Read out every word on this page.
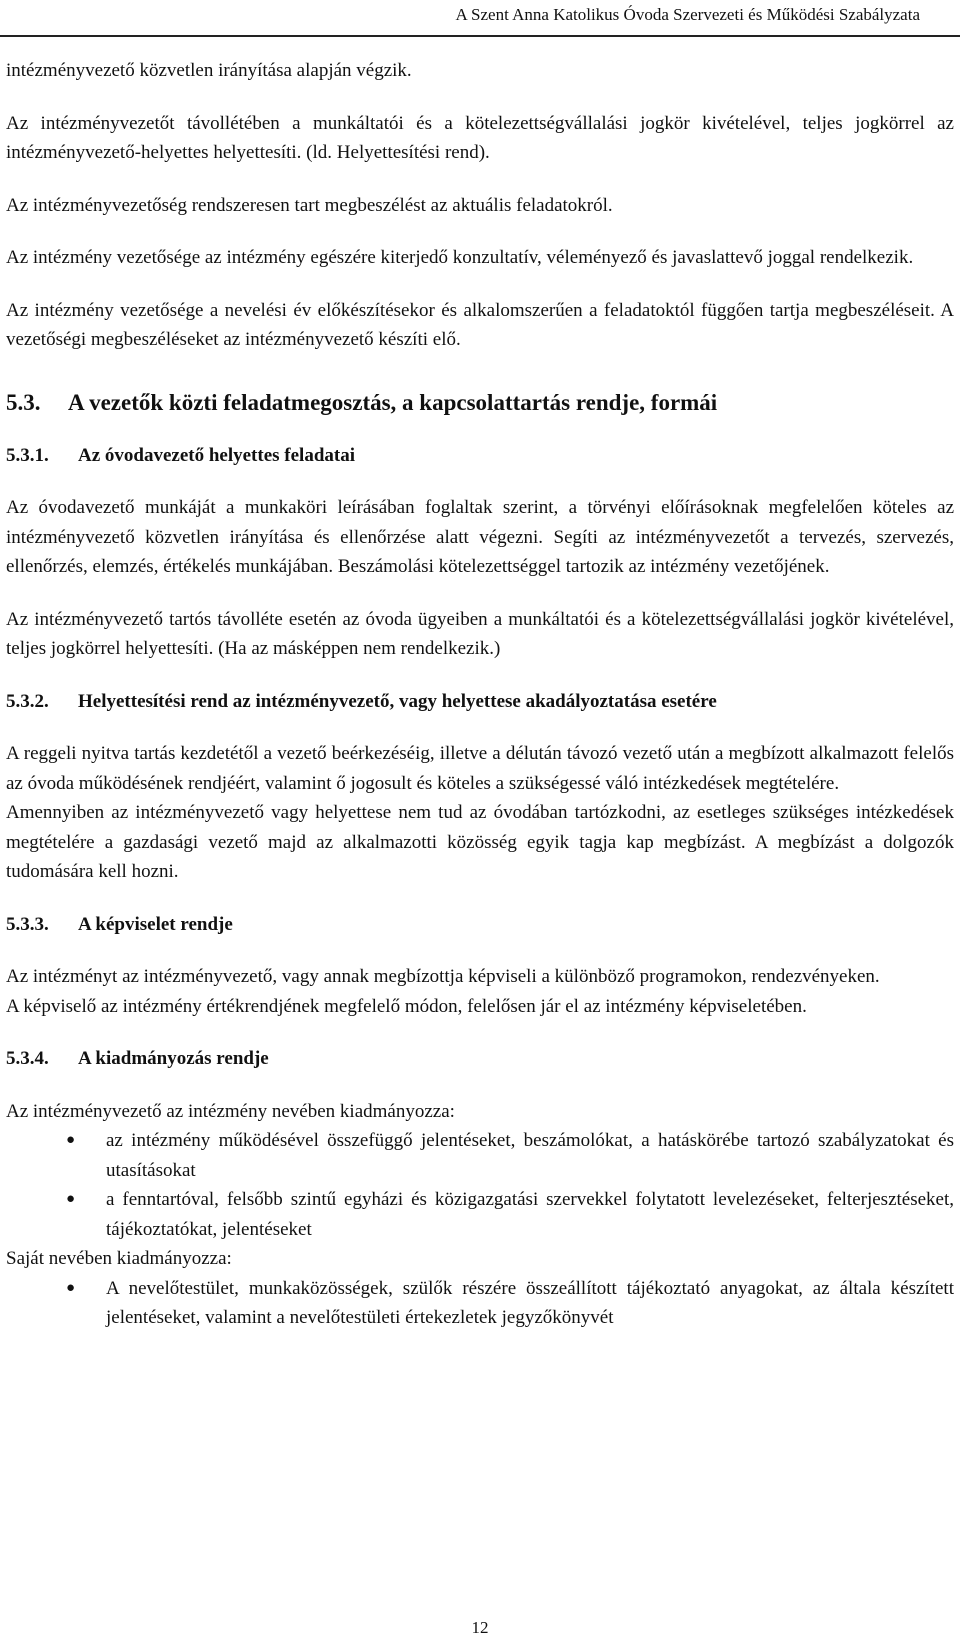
A Szent Anna Katolikus Óvoda Szervezeti és Működési Szabályzata

intézményvezető közvetlen irányítása alapján végzik.

Az intézményvezetőt távollétében a munkáltatói és a kötelezettségvállalási jogkör kivételével, teljes jogkörrel az intézményvezető-helyettes helyettesíti. (ld. Helyettesítési rend).

Az intézményvezetőség rendszeresen tart megbeszélést az aktuális feladatokról.

Az intézmény vezetősége az intézmény egészére kiterjedő konzultatív, véleményező és javaslattevő joggal rendelkezik.

Az intézmény vezetősége a nevelési év előkészítésekor és alkalomszerűen a feladatoktól függően tartja megbeszéléseit. A vezetőségi megbeszéléseket az intézményvezető készíti elő.

5.3. A vezetők közti feladatmegosztás, a kapcsolattartás rendje, formái
5.3.1. Az óvodavezető helyettes feladatai

Az óvodavezető munkáját a munkaköri leírásában foglaltak szerint, a törvényi előírásoknak megfelelően köteles az intézményvezető közvetlen irányítása és ellenőrzése alatt végezni. Segíti az intézményvezetőt a tervezés, szervezés, ellenőrzés, elemzés, értékelés munkájában. Beszámolási kötelezettséggel tartozik az intézmény vezetőjének.

Az intézményvezető tartós távolléte esetén az óvoda ügyeiben a munkáltatói és a kötelezettségvállalási jogkör kivételével, teljes jogkörrel helyettesíti. (Ha az másképpen nem rendelkezik.)

5.3.2. Helyettesítési rend az intézményvezető, vagy helyettese akadályoztatása esetére

A reggeli nyitva tartás kezdetétől a vezető beérkezéséig, illetve a délután távozó vezető után a megbízott alkalmazott felelős az óvoda működésének rendjéért, valamint ő jogosult és köteles a szükségessé váló intézkedések megtételére.

Amennyiben az intézményvezető vagy helyettese nem tud az óvodában tartózkodni, az esetleges szükséges intézkedések megtételére a gazdasági vezető majd az alkalmazotti közösség egyik tagja kap megbízást. A megbízást a dolgozók tudomására kell hozni.

5.3.3. A képviselet rendje

Az intézményt az intézményvezető, vagy annak megbízottja képviseli a különböző programokon, rendezvényeken.

A képviselő az intézmény értékrendjének megfelelő módon, felelősen jár el az intézmény képviseletében.

5.3.4. A kiadmányozás rendje

Az intézményvezető az intézmény nevében kiadmányozza:

● az intézmény működésével összefüggő jelentéseket, beszámolókat, a hatáskörébe tartozó szabályzatokat és utasításokat
● a fenntartóval, felsőbb szintű egyházi és közigazgatási szervekkel folytatott levelezéseket, felterjesztéseket, tájékoztatókat, jelentéseket

Saját nevében kiadmányozza:

● A nevelőtestület, munkaközösségek, szülők részére összeállított tájékoztató anyagokat, az általa készített jelentéseket, valamint a nevelőtestületi értekezletek jegyzőkönyvét
12
